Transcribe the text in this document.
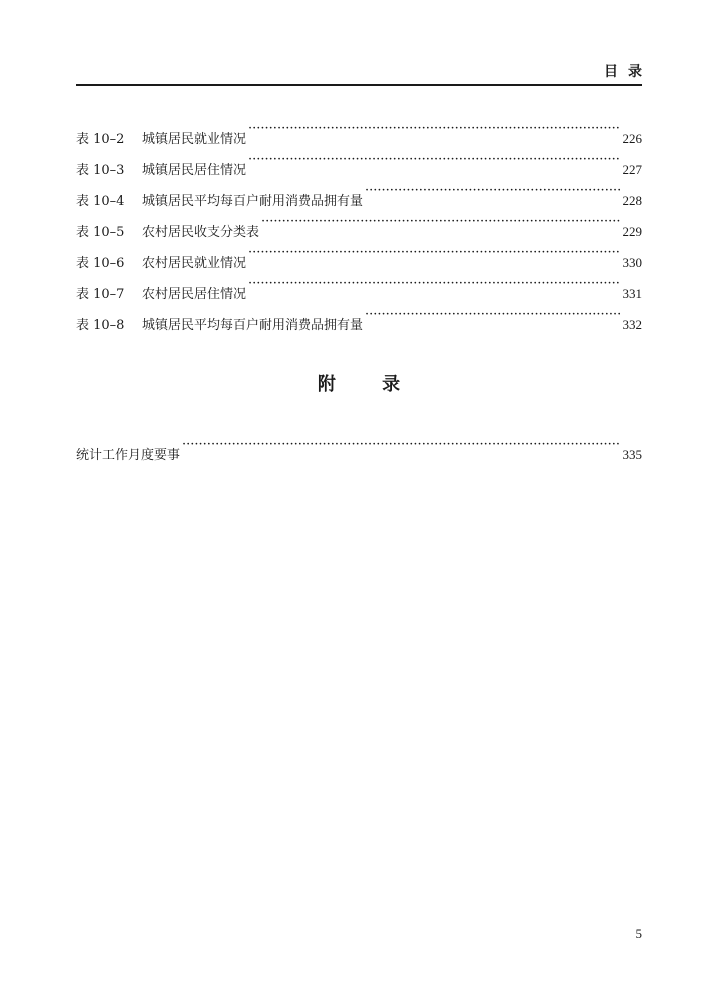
目录
表 10–2	城镇居民就业情况 ·····	226
表 10–3	城镇居民居住情况 ·····	227
表 10–4	城镇居民平均每百户耐用消费品拥有量 ·····	228
表 10–5	农村居民收支分类表 ·····	229
表 10–6	农村居民就业情况 ·····	330
表 10–7	农村居民居住情况 ·····	331
表 10–8	城镇居民平均每百户耐用消费品拥有量 ·····	332
附	录
统计工作月度要事 ·····	335
5
